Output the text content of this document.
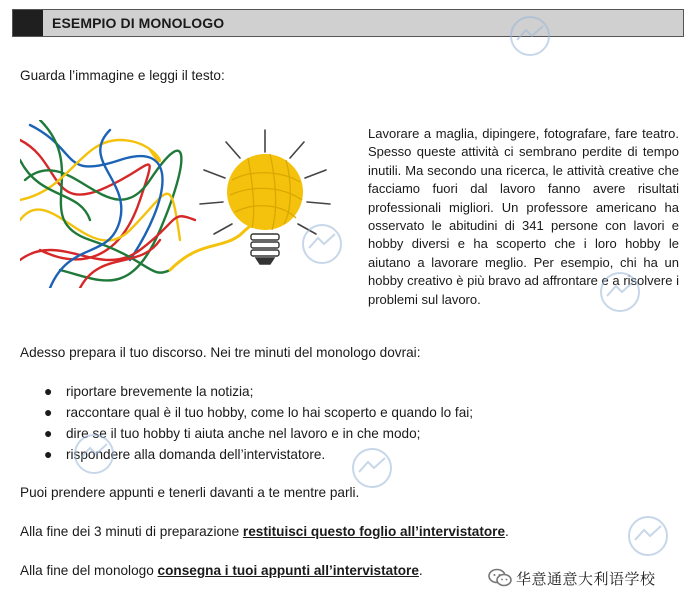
ESEMPIO DI MONOLOGO
Guarda l’immagine e leggi il testo:
Lavorare a maglia, dipingere, fotografare, fare teatro. Spesso queste attività ci sembrano perdite di tempo inutili. Ma secondo una ricerca, le attività creative che facciamo fuori dal lavoro fanno avere risultati professionali migliori. Un professore americano ha osservato le abitudini di 341 persone con lavori e hobby diversi e ha scoperto che i loro hobby le aiutano a lavorare meglio. Per esempio, chi ha un hobby creativo è più bravo ad affrontare e a risolvere i problemi sul lavoro.
Adesso prepara il tuo discorso. Nei tre minuti del monologo dovrai:
● riportare brevemente la notizia;
● raccontare qual è il tuo hobby, come lo hai scoperto e quando lo fai;
● dire se il tuo hobby ti aiuta anche nel lavoro e in che modo;
● rispondere alla domanda dell’intervistatore.
Puoi prendere appunti e tenerli davanti a te mentre parli.
Alla fine dei 3 minuti di preparazione restituisci questo foglio all’intervistatore.
Alla fine del monologo consegna i tuoi appunti all’intervistatore.
华意通意大利语学校
